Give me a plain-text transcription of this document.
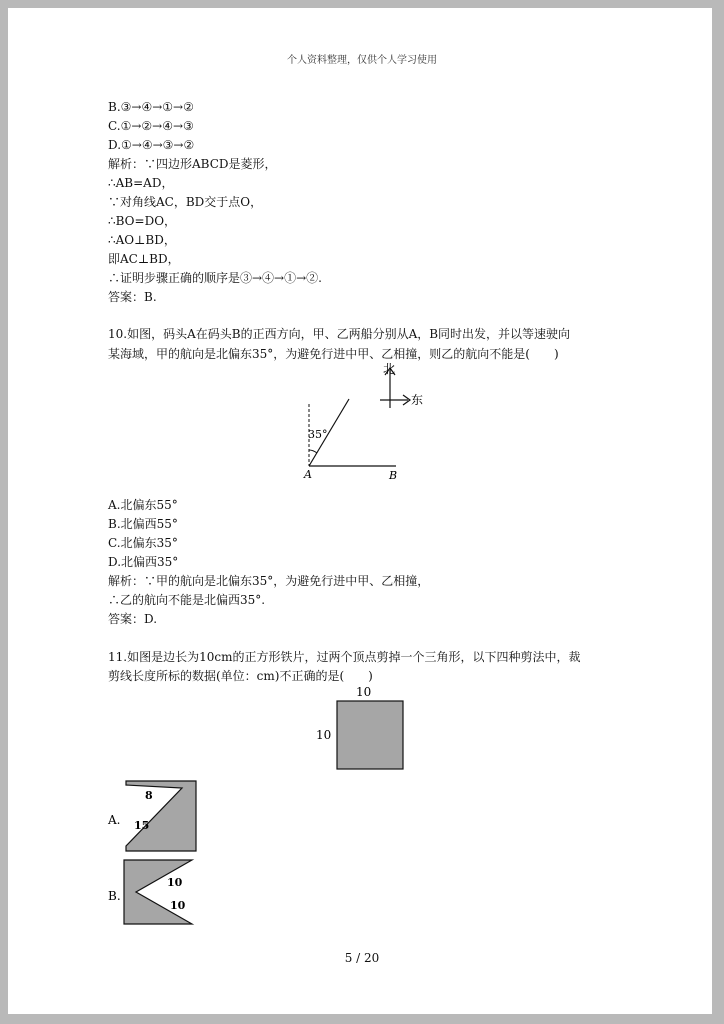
个人资料整理，仅供个人学习使用
B.③→④→①→②
C.①→②→④→③
D.①→④→③→②
解析：∵四边形ABCD是菱形，
∴AB=AD，
∵对角线AC，BD交于点O，
∴BO=DO，
∴AO⊥BD，
即AC⊥BD，
∴证明步骤正确的顺序是③→④→①→②.
答案：B.
10.如图，码头A在码头B的正西方向，甲、乙两船分别从A，B同时出发，并以等速驶向
某海域，甲的航向是北偏东35°，为避免行进中甲、乙相撞，则乙的航向不能是(　　)
北
东
35°
A	B
A.北偏东55°
B.北偏西55°
C.北偏东35°
D.北偏西35°
解析：∵甲的航向是北偏东35°，为避免行进中甲、乙相撞，
∴乙的航向不能是北偏西35°.
答案：D.
11.如图是边长为10cm的正方形铁片，过两个顶点剪掉一个三角形，以下四种剪法中，裁
剪线长度所标的数据(单位：cm)不正确的是(　　)
10
10
A.
8
15
B.
10
10
5 / 20
